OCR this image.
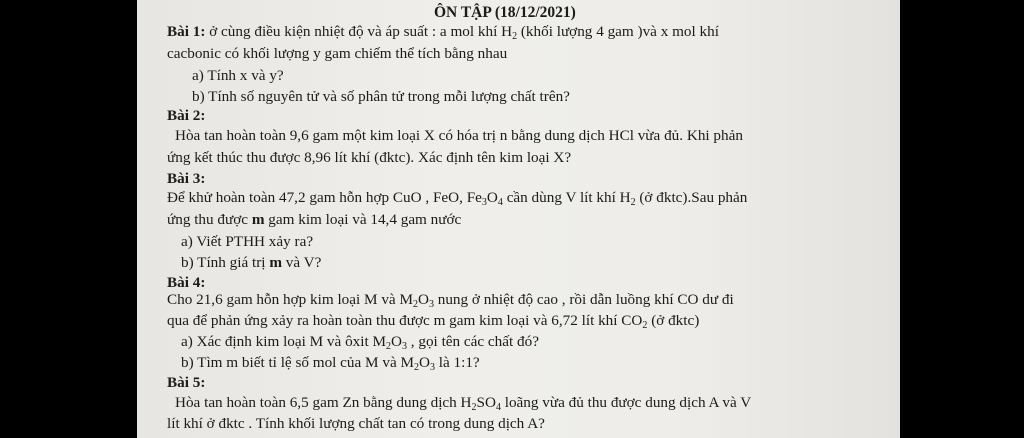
ÔN TẬP (18/12/2021)
Bài 1: ở cùng điều kiện nhiệt độ và áp suất : a mol khí $H_2$ (khối lượng 4 gam )và x mol khí
cacbonic có khối lượng y gam chiếm thể tích bằng nhau
a) Tính x và y?
b) Tính số nguyên tử và số phân tử trong mỗi lượng chất trên?
Bài 2:
Hòa tan hoàn toàn 9,6 gam một kim loại X có hóa trị n bằng dung dịch HCl vừa đủ. Khi phản
ứng kết thúc thu được 8,96 lít khí (đktc). Xác định tên kim loại X?
Bài 3:
Để khử hoàn toàn 47,2 gam hỗn hợp CuO , FeO, $Fe_3O_4$ cần dùng V lít khí $H_2$ (ở đktc).Sau phản
ứng thu được m gam kim loại và 14,4 gam nước
a) Viết PTHH xảy ra?
b) Tính giá trị m và V?
Bài 4:
Cho 21,6 gam hỗn hợp kim loại M và $M_2O_3$ nung ở nhiệt độ cao , rồi dẫn luồng khí CO dư đi
qua để phản ứng xảy ra hoàn toàn thu được m gam kim loại và 6,72 lít khí $CO_2$ (ở đktc)
a) Xác định kim loại M và ôxit $M_2O_3$ , gọi tên các chất đó?
b) Tìm m biết tỉ lệ số mol của M và $M_2O_3$ là 1:1?
Bài 5:
Hòa tan hoàn toàn 6,5 gam Zn bằng dung dịch $H_2SO_4$ loãng vừa đủ thu được dung dịch A và V
lít khí ở đktc . Tính khối lượng chất tan có trong dung dịch A?
